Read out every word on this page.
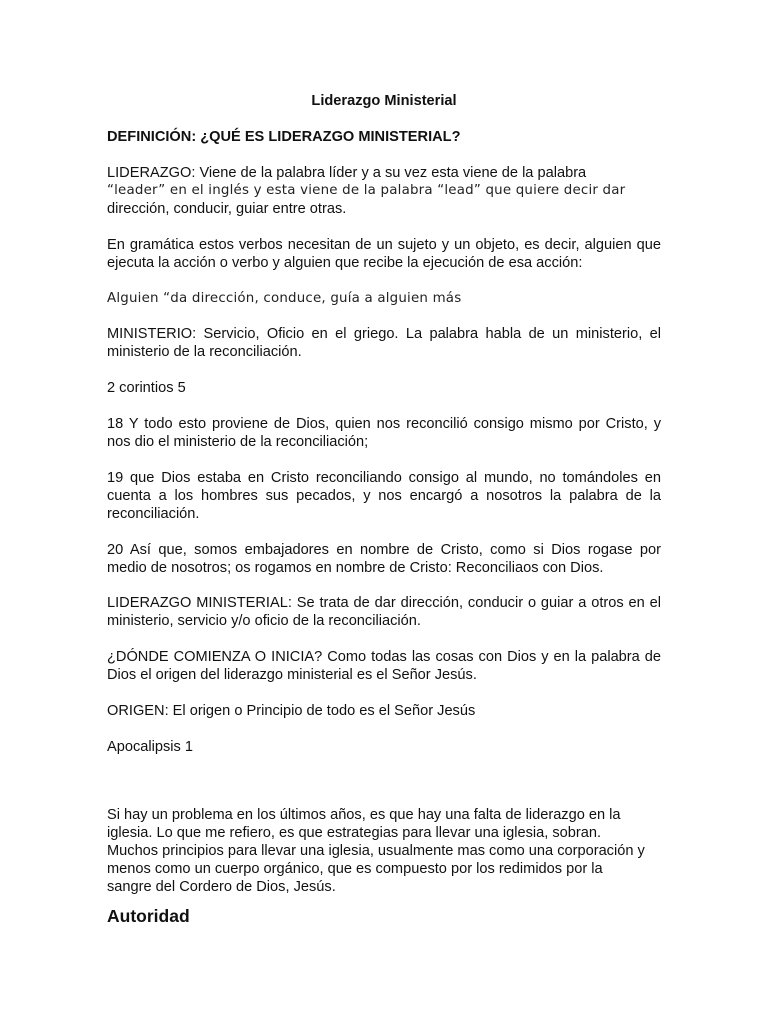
Liderazgo Ministerial

DEFINICIÓN: ¿QUÉ ES LIDERAZGO MINISTERIAL?

LIDERAZGO: Viene de la palabra líder y a su vez esta viene de la palabra
“leader” en el inglés y esta viene de la palabra “lead” que quiere decir dar
dirección, conducir, guiar entre otras.

En gramática estos verbos necesitan de un sujeto y un objeto, es decir, alguien que ejecuta la acción o verbo y alguien que recibe la ejecución de esa acción:

Alguien “da dirección, conduce, guía a alguien más

MINISTERIO: Servicio, Oficio en el griego. La palabra habla de un ministerio, el ministerio de la reconciliación.

2 corintios 5

18 Y todo esto proviene de Dios, quien nos reconcilió consigo mismo por Cristo, y nos dio el ministerio de la reconciliación;

19 que Dios estaba en Cristo reconciliando consigo al mundo, no tomándoles en cuenta a los hombres sus pecados, y nos encargó a nosotros la palabra de la reconciliación.

20 Así que, somos embajadores en nombre de Cristo, como si Dios rogase por medio de nosotros; os rogamos en nombre de Cristo: Reconciliaos con Dios.

LIDERAZGO MINISTERIAL: Se trata de dar dirección, conducir o guiar a otros en el ministerio, servicio y/o oficio de la reconciliación.

¿DÓNDE COMIENZA O INICIA? Como todas las cosas con Dios y en la palabra de Dios el origen del liderazgo ministerial es el Señor Jesús.

ORIGEN: El origen o Principio de todo es el Señor Jesús

Apocalipsis 1

Si hay un problema en los últimos años, es que hay una falta de liderazgo en la iglesia. Lo que me refiero, es que estrategias para llevar una iglesia, sobran. Muchos principios para llevar una iglesia, usualmente mas como una corporación y menos como un cuerpo orgánico, que es compuesto por los redimidos por la sangre del Cordero de Dios, Jesús.

Autoridad
